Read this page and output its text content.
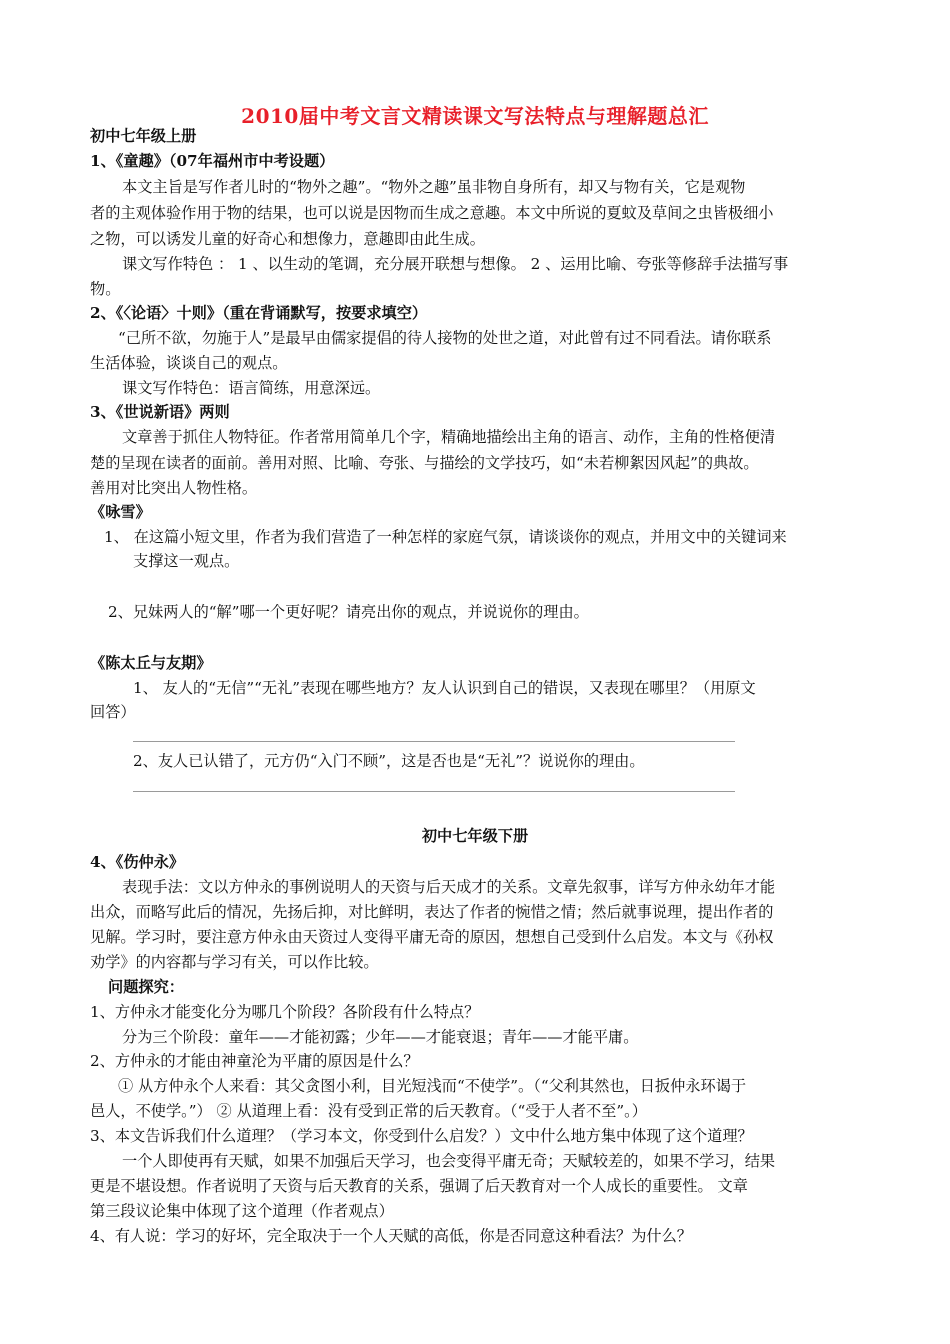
2010届中考文言文精读课文写法特点与理解题总汇
初中七年级上册
1、《童趣》（07年福州市中考设题）
本文主旨是写作者儿时的“物外之趣”。“物外之趣”虽非物自身所有，却又与物有关，它是观物
者的主观体验作用于物的结果，也可以说是因物而生成之意趣。本文中所说的夏蚊及草间之虫皆极细小
之物，可以诱发儿童的好奇心和想像力，意趣即由此生成。
课文写作特色 ： 1 、以生动的笔调，充分展开联想与想像。 2 、运用比喻、夸张等修辞手法描写事
物。
2、《〈论语〉十则》（重在背诵默写，按要求填空）
“己所不欲，勿施于人”是最早由儒家提倡的待人接物的处世之道，对此曾有过不同看法。请你联系
生活体验，谈谈自己的观点。
课文写作特色：语言简练，用意深远。
3、《世说新语》两则
文章善于抓住人物特征。作者常用简单几个字，精确地描绘出主角的语言、动作，主角的性格便清
楚的呈现在读者的面前。善用对照、比喻、夸张、与描绘的文学技巧，如“未若柳絮因风起”的典故。
善用对比突出人物性格。
《咏雪》
1、 在这篇小短文里，作者为我们营造了一种怎样的家庭气氛，请谈谈你的观点，并用文中的关键词来
支撑这一观点。
2、兄妹两人的“解”哪一个更好呢？请亮出你的观点，并说说你的理由。
《陈太丘与友期》
1、 友人的“无信”“无礼”表现在哪些地方？友人认识到自己的错误，又表现在哪里？（用原文
回答）
2、友人已认错了，元方仍“入门不顾”，这是否也是“无礼”？说说你的理由。
初中七年级下册
4、《伤仲永》
表现手法：文以方仲永的事例说明人的天资与后天成才的关系。文章先叙事，详写方仲永幼年才能
出众，而略写此后的情况，先扬后抑，对比鲜明，表达了作者的惋惜之情；然后就事说理，提出作者的
见解。学习时，要注意方仲永由天资过人变得平庸无奇的原因，想想自己受到什么启发。本文与《孙权
劝学》的内容都与学习有关，可以作比较。
问题探究：
1、方仲永才能变化分为哪几个阶段？各阶段有什么特点？
分为三个阶段：童年——才能初露；少年——才能衰退；青年——才能平庸。
2、方仲永的才能由神童沦为平庸的原因是什么？
① 从方仲永个人来看：其父贪图小利，目光短浅而“不使学”。（“父利其然也，日扳仲永环谒于
邑人，不使学。”） ② 从道理上看：没有受到正常的后天教育。（“受于人者不至”。）
3、本文告诉我们什么道理？（学习本文，你受到什么启发？）文中什么地方集中体现了这个道理？
一个人即使再有天赋，如果不加强后天学习，也会变得平庸无奇；天赋较差的，如果不学习，结果
更是不堪设想。作者说明了天资与后天教育的关系，强调了后天教育对一个人成长的重要性。 文章
第三段议论集中体现了这个道理（作者观点）
4、有人说：学习的好坏，完全取决于一个人天赋的高低，你是否同意这种看法？为什么？
